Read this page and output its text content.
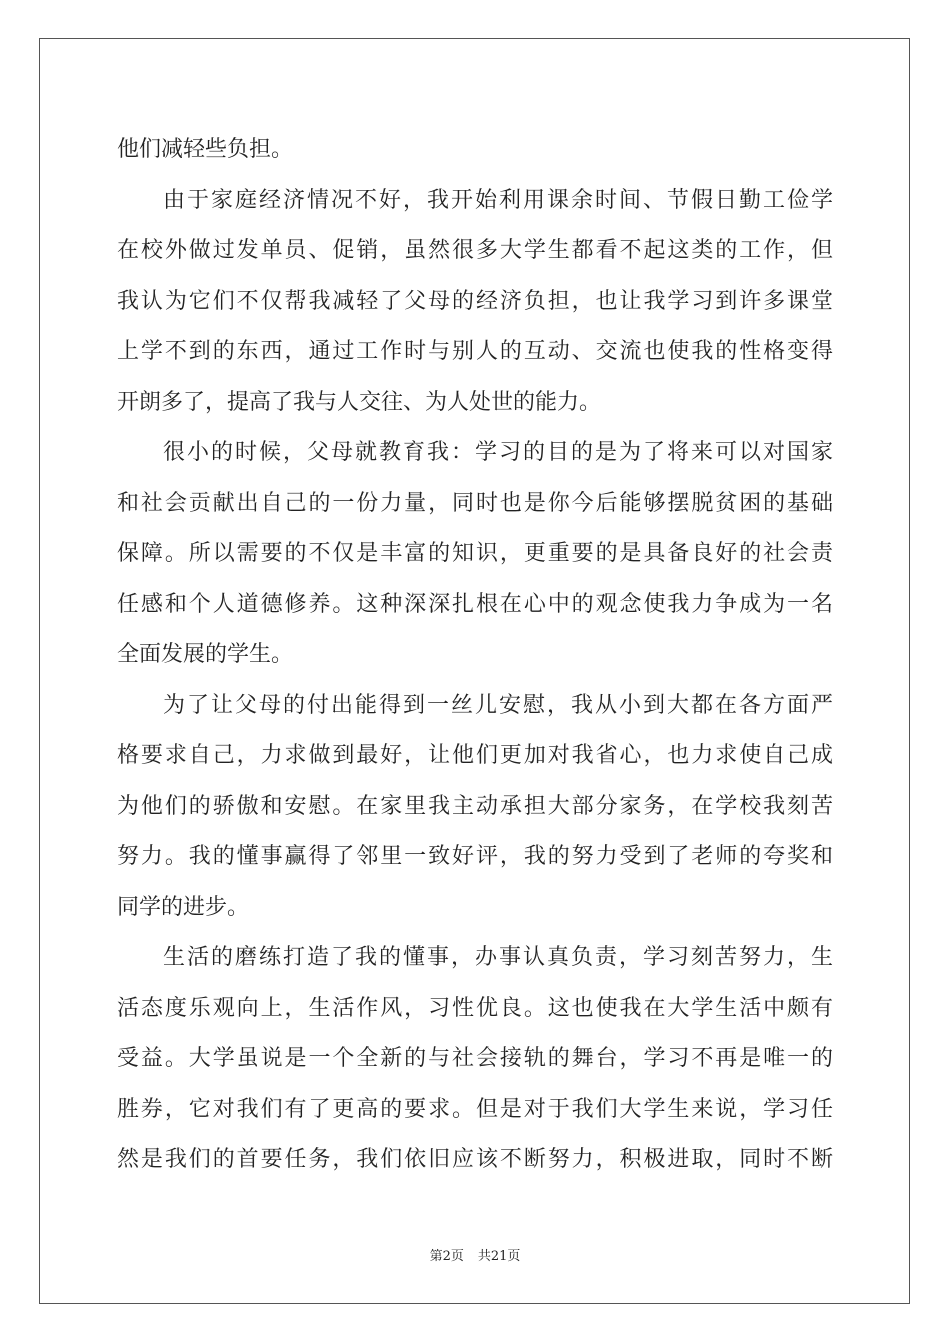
他们减轻些负担。
由于家庭经济情况不好，我开始利用课余时间、节假日勤工俭学
在校外做过发单员、促销，虽然很多大学生都看不起这类的工作，但
我认为它们不仅帮我减轻了父母的经济负担，也让我学习到许多课堂
上学不到的东西，通过工作时与别人的互动、交流也使我的性格变得
开朗多了，提高了我与人交往、为人处世的能力。
很小的时候，父母就教育我：学习的目的是为了将来可以对国家
和社会贡献出自己的一份力量，同时也是你今后能够摆脱贫困的基础
保障。所以需要的不仅是丰富的知识，更重要的是具备良好的社会责
任感和个人道德修养。这种深深扎根在心中的观念使我力争成为一名
全面发展的学生。
为了让父母的付出能得到一丝儿安慰，我从小到大都在各方面严
格要求自己，力求做到最好，让他们更加对我省心，也力求使自己成
为他们的骄傲和安慰。在家里我主动承担大部分家务，在学校我刻苦
努力。我的懂事赢得了邻里一致好评，我的努力受到了老师的夸奖和
同学的进步。
生活的磨练打造了我的懂事，办事认真负责，学习刻苦努力，生
活态度乐观向上，生活作风，习性优良。这也使我在大学生活中颇有
受益。大学虽说是一个全新的与社会接轨的舞台，学习不再是唯一的
胜券，它对我们有了更高的要求。但是对于我们大学生来说，学习任
然是我们的首要任务，我们依旧应该不断努力，积极进取，同时不断
第2页 共21页
